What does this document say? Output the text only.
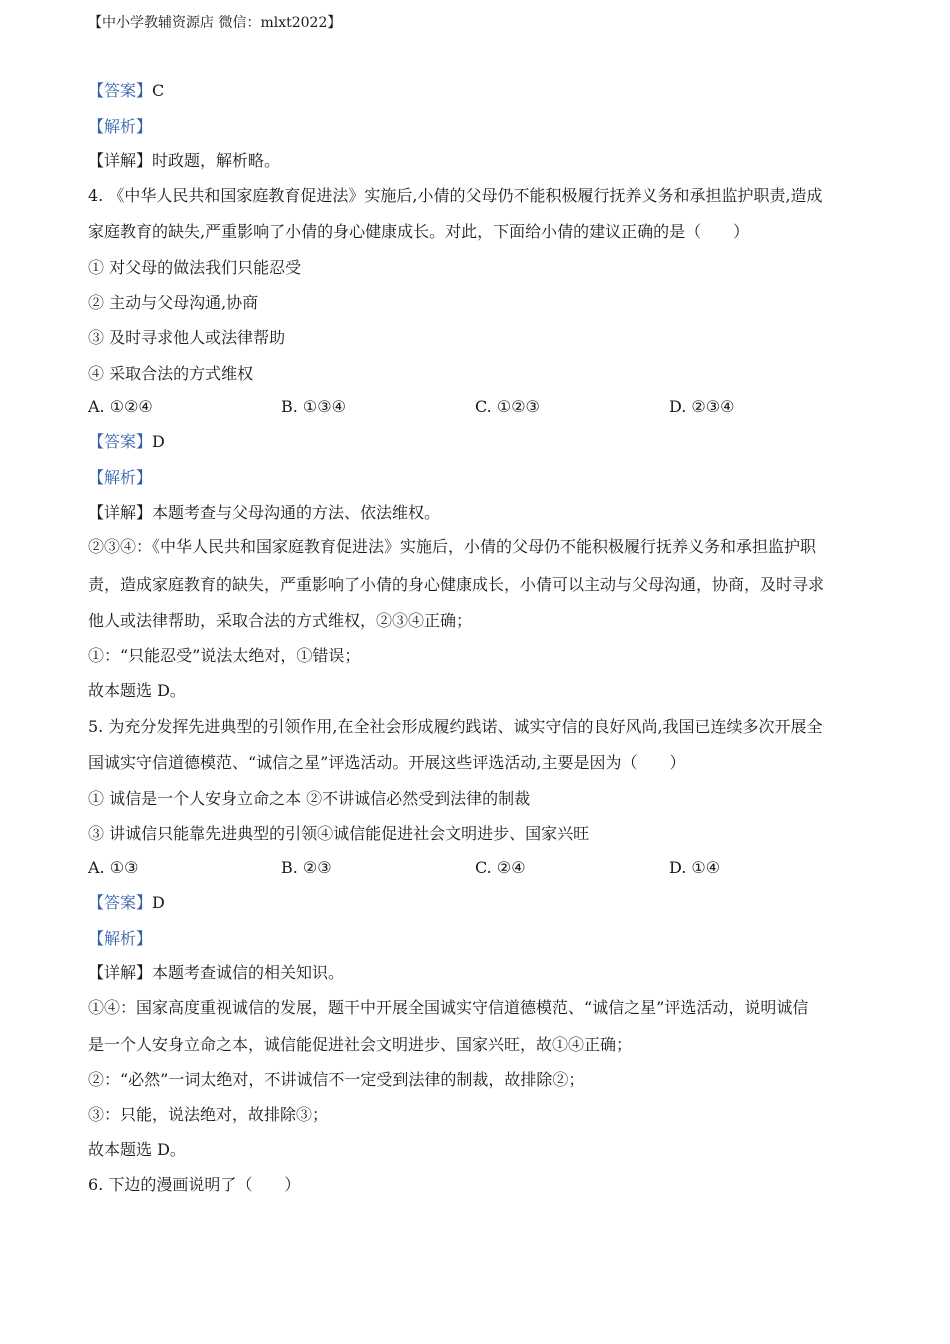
【中小学教辅资源店 微信：mlxt2022】
【答案】C
【解析】
【详解】时政题，解析略。
4. 《中华人民共和国家庭教育促进法》实施后,小倩的父母仍不能积极履行抚养义务和承担监护职责,造成
家庭教育的缺失,严重影响了小倩的身心健康成长。对此，下面给小倩的建议正确的是（　　）
① 对父母的做法我们只能忍受
② 主动与父母沟通,协商
③ 及时寻求他人或法律帮助
④ 采取合法的方式维权
A. ①②④	B. ①③④	C. ①②③	D. ②③④
【答案】D
【解析】
【详解】本题考查与父母沟通的方法、依法维权。
②③④：《中华人民共和国家庭教育促进法》实施后，小倩的父母仍不能积极履行抚养义务和承担监护职
责，造成家庭教育的缺失，严重影响了小倩的身心健康成长，小倩可以主动与父母沟通，协商，及时寻求
他人或法律帮助，采取合法的方式维权，②③④正确；
①：“只能忍受”说法太绝对，①错误；
故本题选 D。
5. 为充分发挥先进典型的引领作用,在全社会形成履约践诺、诚实守信的良好风尚,我国已连续多次开展全
国诚实守信道德模范、“诚信之星”评选活动。开展这些评选活动,主要是因为（　　）
① 诚信是一个人安身立命之本 ②不讲诚信必然受到法律的制裁
③ 讲诚信只能靠先进典型的引领④诚信能促进社会文明进步、国家兴旺
A. ①③	B. ②③	C. ②④	D. ①④
【答案】D
【解析】
【详解】本题考查诚信的相关知识。
①④：国家高度重视诚信的发展，题干中开展全国诚实守信道德模范、“诚信之星”评选活动，说明诚信
是一个人安身立命之本，诚信能促进社会文明进步、国家兴旺，故①④正确；
②：“必然”一词太绝对，不讲诚信不一定受到法律的制裁，故排除②；
③：只能，说法绝对，故排除③；
故本题选 D。
6. 下边的漫画说明了（　　）
